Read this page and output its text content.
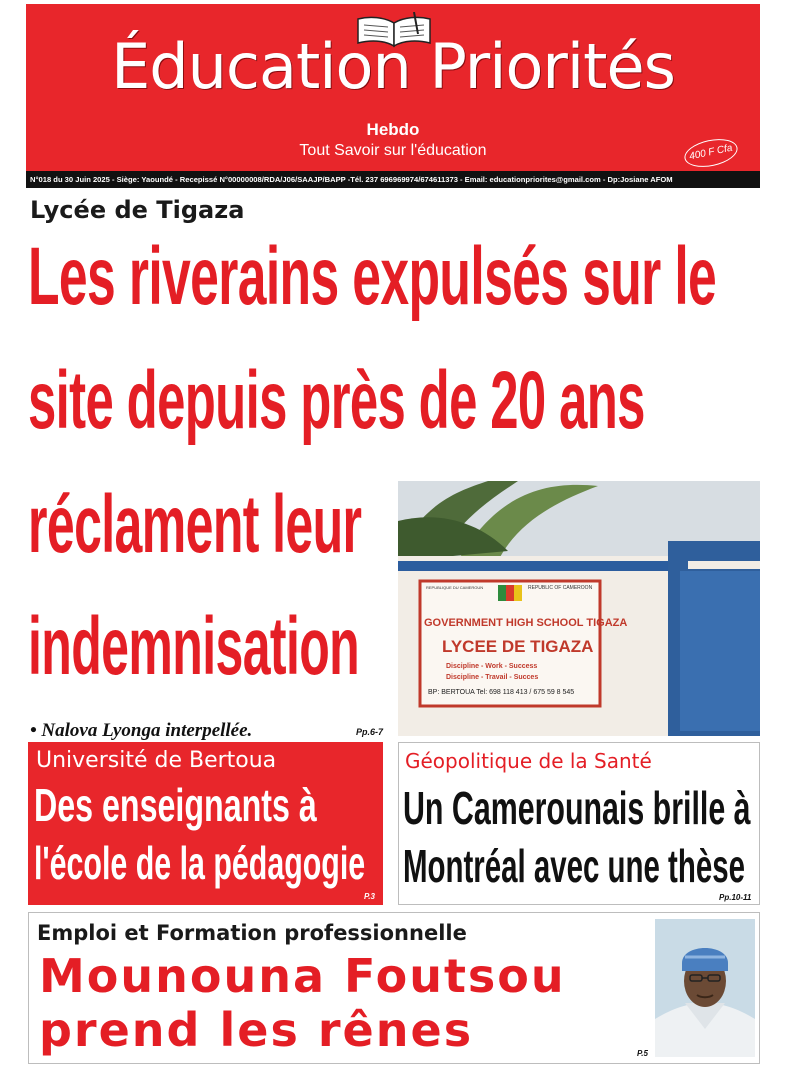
Éducation Priorités
Hebdo
Tout Savoir sur l'éducation	400 F Cfa
N°018 du 30 Juin 2025 - Siège: Yaoundé - Recepissé N°00000008/RDA/J06/SAAJP/BAPP -Tél. 237 696969974/674611373 - Email: educationpriorites@gmail.com - Dp:Josiane AFOM
Lycée de Tigaza
Les riverains expulsés sur le
site depuis près de 20 ans
réclament leur
indemnisation
• Nalova Lyonga interpellée.	Pp.6-7
REPUBLIQUE DU CAMEROUN	REPUBLIC OF CAMEROON
GOVERNMENT HIGH SCHOOL TIGAZA
LYCEE DE TIGAZA
Discipline - Work - Success
Discipline - Travail - Succes
BP: BERTOUA Tel: 698 118 413 / 675 59 8 545
Université de Bertoua
Des enseignants à
l'école de la pédagogie
P.3
Géopolitique de la Santé
Un Camerounais brille à
Montréal avec une thèse
Pp.10-11
Emploi et Formation professionnelle
Mounouna Foutsou
prend les rênes	P.5
